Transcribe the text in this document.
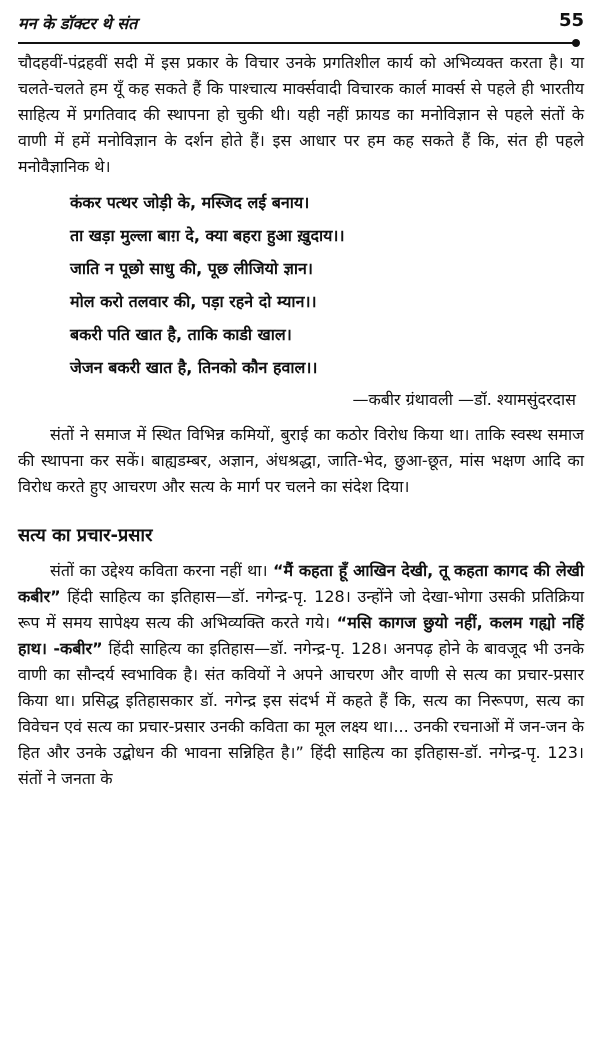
मन के डॉक्टर थे संत	55

चौदहवीं-पंद्रहवीं सदी में इस प्रकार के विचार उनके प्रगतिशील कार्य को अभिव्यक्त करता है। या चलते-चलते हम यूँ कह सकते हैं कि पाश्चात्य मार्क्सवादी विचारक कार्ल मार्क्स से पहले ही भारतीय साहित्य में प्रगतिवाद की स्थापना हो चुकी थी। यही नहीं फ्रायड का मनोविज्ञान से पहले संतों के वाणी में हमें मनोविज्ञान के दर्शन होते हैं। इस आधार पर हम कह सकते हैं कि, संत ही पहले मनोवैज्ञानिक थे।

कंकर पत्थर जोड़ी के, मस्जिद लई बनाय।
ता खड़ा मुल्ला बाग़ दे, क्या बहरा हुआ ख़ुदाय।।
जाति न पूछो साधु की, पूछ लीजियो ज्ञान।
मोल करो तलवार की, पड़ा रहने दो म्यान।।
बकरी पति खात है, ताकि काडी खाल।
जेजन बकरी खात है, तिनको कौन हवाल।।
—कबीर ग्रंथावली —डॉ. श्यामसुंदरदास

संतों ने समाज में स्थित विभिन्न कमियों, बुराई का कठोर विरोध किया था। ताकि स्वस्थ समाज की स्थापना कर सकें। बाह्यडम्बर, अज्ञान, अंधश्रद्धा, जाति-भेद, छुआ-छूत, मांस भक्षण आदि का विरोध करते हुए आचरण और सत्य के मार्ग पर चलने का संदेश दिया।

सत्य का प्रचार-प्रसार

संतों का उद्देश्य कविता करना नहीं था। “मैं कहता हूँ आखिन देखी, तू कहता कागद की लेखी कबीर” हिंदी साहित्य का इतिहास—डॉ. नगेन्द्र-पृ. 128। उन्होंने जो देखा-भोगा उसकी प्रतिक्रिया रूप में समय सापेक्ष्य सत्य की अभिव्यक्ति करते गये। “मसि कागज छुयो नहीं, कलम गह्यो नहिं हाथ। -कबीर” हिंदी साहित्य का इतिहास—डॉ. नगेन्द्र-पृ. 128। अनपढ़ होने के बावजूद भी उनके वाणी का सौन्दर्य स्वभाविक है। संत कवियों ने अपने आचरण और वाणी से सत्य का प्रचार-प्रसार किया था। प्रसिद्ध इतिहासकार डॉ. नगेन्द्र इस संदर्भ में कहते हैं कि, सत्य का निरूपण, सत्य का विवेचन एवं सत्य का प्रचार-प्रसार उनकी कविता का मूल लक्ष्य था।... उनकी रचनाओं में जन-जन के हित और उनके उद्बोधन की भावना सन्निहित है।” हिंदी साहित्य का इतिहास-डॉ. नगेन्द्र-पृ. 123। संतों ने जनता के
